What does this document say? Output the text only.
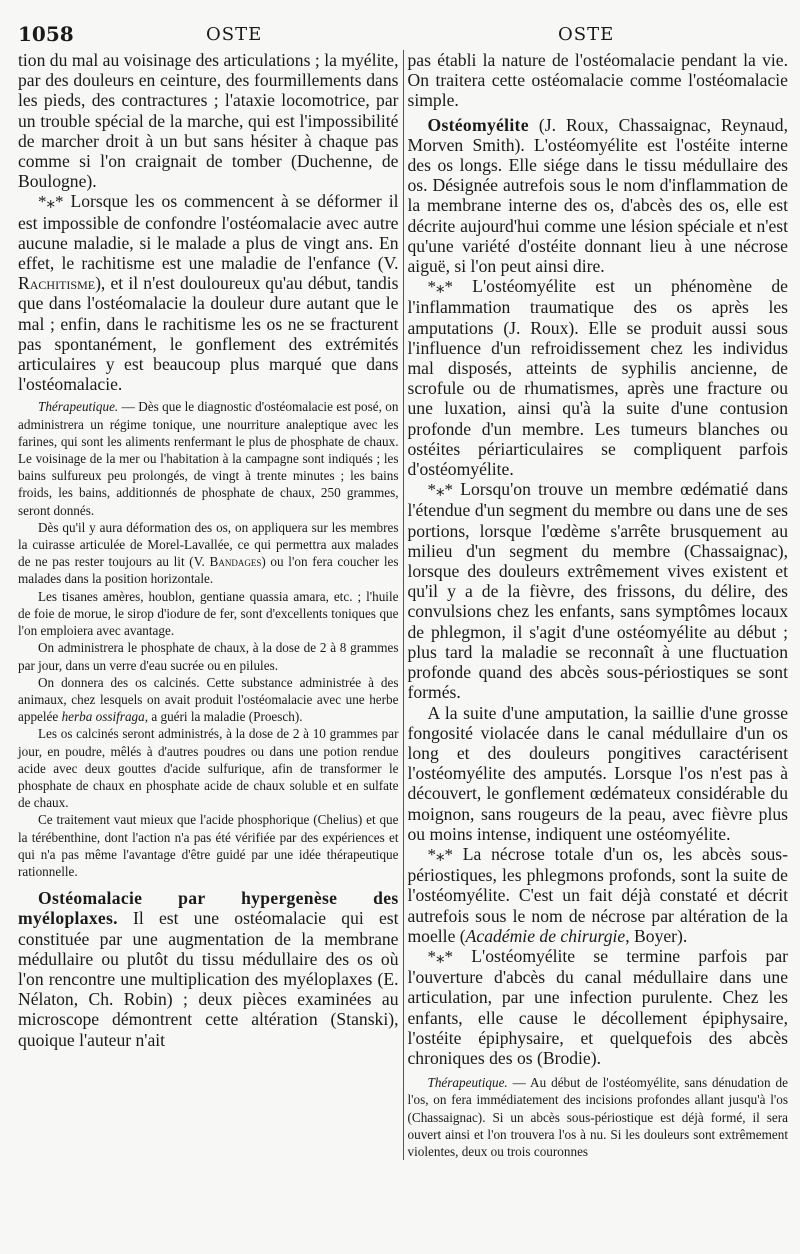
1058	OSTE	OSTE

tion du mal au voisinage des articulations ; la myélite, par des douleurs en ceinture, des fourmillements dans les pieds, des contractures ; l'ataxie locomotrice, par un trouble spécial de la marche, qui est l'impossibilité de marcher droit à un but sans hésiter à chaque pas comme si l'on craignait de tomber (Duchenne, de Boulogne).

*⁎* Lorsque les os commencent à se déformer il est impossible de confondre l'ostéomalacie avec autre aucune maladie, si le malade a plus de vingt ans. En effet, le rachitisme est une maladie de l'enfance (V. Rachitisme), et il n'est douloureux qu'au début, tandis que dans l'ostéomalacie la douleur dure autant que le mal ; enfin, dans le rachitisme les os ne se fracturent pas spontanément, le gonflement des extrémités articulaires y est beaucoup plus marqué que dans l'ostéomalacie.

Thérapeutique. — Dès que le diagnostic d'ostéomalacie est posé, on administrera un régime tonique, une nourriture analeptique avec les farines, qui sont les aliments renfermant le plus de phosphate de chaux. Le voisinage de la mer ou l'habitation à la campagne sont indiqués ; les bains sulfureux peu prolongés, de vingt à trente minutes ; les bains froids, les bains, additionnés de phosphate de chaux, 250 grammes, seront donnés.

Dès qu'il y aura déformation des os, on appliquera sur les membres la cuirasse articulée de Morel-Lavallée, ce qui permettra aux malades de ne pas rester toujours au lit (V. Bandages) ou l'on fera coucher les malades dans la position horizontale.

Les tisanes amères, houblon, gentiane quassia amara, etc. ; l'huile de foie de morue, le sirop d'iodure de fer, sont d'excellents toniques que l'on emploiera avec avantage.

On administrera le phosphate de chaux, à la dose de 2 à 8 grammes par jour, dans un verre d'eau sucrée ou en pilules.

On donnera des os calcinés. Cette substance administrée à des animaux, chez lesquels on avait produit l'ostéomalacie avec une herbe appelée herba ossifraga, a guéri la maladie (Proesch).

Les os calcinés seront administrés, à la dose de 2 à 10 grammes par jour, en poudre, mêlés à d'autres poudres ou dans une potion rendue acide avec deux gouttes d'acide sulfurique, afin de transformer le phosphate de chaux en phosphate acide de chaux soluble et en sulfate de chaux.

Ce traitement vaut mieux que l'acide phosphorique (Chelius) et que la térébenthine, dont l'action n'a pas été vérifiée par des expériences et qui n'a pas même l'avantage d'être guidé par une idée thérapeutique rationnelle.

Ostéomalacie par hypergenèse des myéloplaxes. Il est une ostéomalacie qui est constituée par une augmentation de la membrane médullaire ou plutôt du tissu médullaire des os où l'on rencontre une multiplication des myéloplaxes (E. Nélaton, Ch. Robin) ; deux pièces examinées au microscope démontrent cette altération (Stanski), quoique l'auteur n'ait

pas établi la nature de l'ostéomalacie pendant la vie. On traitera cette ostéomalacie comme l'ostéomalacie simple.

Ostéomyélite (J. Roux, Chassaignac, Reynaud, Morven Smith). L'ostéomyélite est l'ostéite interne des os longs. Elle siége dans le tissu médullaire des os. Désignée autrefois sous le nom d'inflammation de la membrane interne des os, d'abcès des os, elle est décrite aujourd'hui comme une lésion spéciale et n'est qu'une variété d'ostéite donnant lieu à une nécrose aiguë, si l'on peut ainsi dire.

*⁎* L'ostéomyélite est un phénomène de l'inflammation traumatique des os après les amputations (J. Roux). Elle se produit aussi sous l'influence d'un refroidissement chez les individus mal disposés, atteints de syphilis ancienne, de scrofule ou de rhumatismes, après une fracture ou une luxation, ainsi qu'à la suite d'une contusion profonde d'un membre. Les tumeurs blanches ou ostéites périarticulaires se compliquent parfois d'ostéomyélite.

*⁎* Lorsqu'on trouve un membre œdématié dans l'étendue d'un segment du membre ou dans une de ses portions, lorsque l'œdème s'arrête brusquement au milieu d'un segment du membre (Chassaignac), lorsque des douleurs extrêmement vives existent et qu'il y a de la fièvre, des frissons, du délire, des convulsions chez les enfants, sans symptômes locaux de phlegmon, il s'agit d'une ostéomyélite au début ; plus tard la maladie se reconnaît à une fluctuation profonde quand des abcès sous-périostiques se sont formés.

A la suite d'une amputation, la saillie d'une grosse fongosité violacée dans le canal médullaire d'un os long et des douleurs pongitives caractérisent l'ostéomyélite des amputés. Lorsque l'os n'est pas à découvert, le gonflement œdémateux considérable du moignon, sans rougeurs de la peau, avec fièvre plus ou moins intense, indiquent une ostéomyélite.

*⁎* La nécrose totale d'un os, les abcès sous-périostiques, les phlegmons profonds, sont la suite de l'ostéomyélite. C'est un fait déjà constaté et décrit autrefois sous le nom de nécrose par altération de la moelle (Académie de chirurgie, Boyer).

*⁎* L'ostéomyélite se termine parfois par l'ouverture d'abcès du canal médullaire dans une articulation, par une infection purulente. Chez les enfants, elle cause le décollement épiphysaire, l'ostéite épiphysaire, et quelquefois des abcès chroniques des os (Brodie).

Thérapeutique. — Au début de l'ostéomyélite, sans dénudation de l'os, on fera immédiatement des incisions profondes allant jusqu'à l'os (Chassaignac). Si un abcès sous-périostique est déjà formé, il sera ouvert ainsi et l'on trouvera l'os à nu. Si les douleurs sont extrêmement violentes, deux ou trois couronnes
